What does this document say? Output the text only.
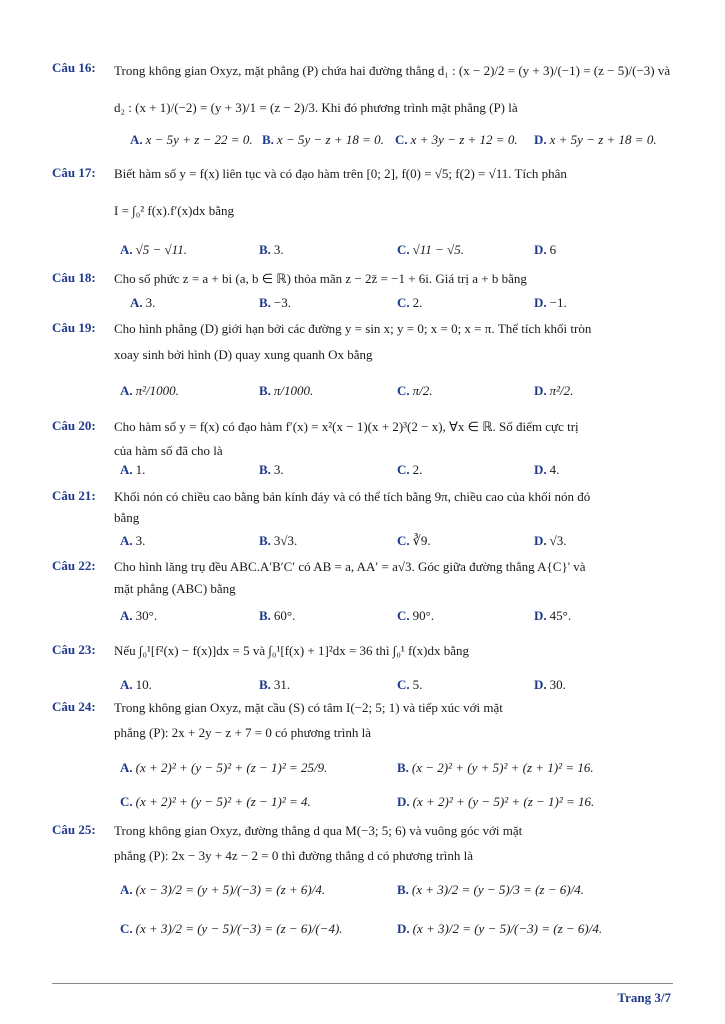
Câu 16: Trong không gian Oxyz, mặt phẳng (P) chứa hai đường thẳng d₁ : (x − 2)/2 = (y + 3)/(−1) = (z − 5)/(−3) và
d₂ : (x + 1)/(−2) = (y + 3)/1 = (z − 2)/3. Khi đó phương trình mặt phẳng (P) là
A. x − 5y + z − 22 = 0. B. x − 5y − z + 18 = 0. C. x + 3y − z + 12 = 0. D. x + 5y − z + 18 = 0.
Câu 17: Biết hàm số y = f(x) liên tục và có đạo hàm trên [0; 2], f(0) = √5; f(2) = √11. Tích phân
I = ∫₀² f(x).f′(x)dx bằng
A. √5 − √11.	B. 3.	C. √11 − √5.	D. 6
Câu 18: Cho số phức z = a + bi (a, b ∈ ℝ) thỏa mãn z − 2z̄ = −1 + 6i. Giá trị a + b bằng
A. 3.	B. −3.	C. 2.	D. −1.
Câu 19: Cho hình phẳng (D) giới hạn bởi các đường y = sin x; y = 0; x = 0; x = π. Thể tích khối tròn
xoay sinh bởi hình (D) quay xung quanh Ox bằng
A. π²/1000.	B. π/1000.	C. π/2.	D. π²/2.
Câu 20: Cho hàm số y = f(x) có đạo hàm f′(x) = x²(x − 1)(x + 2)³(2 − x), ∀x ∈ ℝ. Số điểm cực trị
của hàm số đã cho là
A. 1.	B. 3.	C. 2.	D. 4.
Câu 21: Khối nón có chiều cao bằng bán kính đáy và có thể tích bằng 9π, chiều cao của khối nón đó
bằng
A. 3.	B. 3√3.	C. ∛9.	D. √3.
Câu 22: Cho hình lăng trụ đều ABC.A′B′C′ có AB = a, AA′ = a√3. Góc giữa đường thẳng A{C}' và
mặt phẳng (ABC) bằng
A. 30°.	B. 60°.	C. 90°.	D. 45°.
Câu 23: Nếu ∫₀¹[f²(x) − f(x)]dx = 5 và ∫₀¹[f(x) + 1]²dx = 36 thì ∫₀¹ f(x)dx bằng
A. 10.	B. 31.	C. 5.	D. 30.
Câu 24: Trong không gian Oxyz, mặt cầu (S) có tâm I(−2; 5; 1) và tiếp xúc với mặt
phẳng (P): 2x + 2y − z + 7 = 0 có phương trình là
A. (x + 2)² + (y − 5)² + (z − 1)² = 25/9.	B. (x − 2)² + (y + 5)² + (z + 1)² = 16.
C. (x + 2)² + (y − 5)² + (z − 1)² = 4.	D. (x + 2)² + (y − 5)² + (z − 1)² = 16.
Câu 25: Trong không gian Oxyz, đường thẳng d qua M(−3; 5; 6) và vuông góc với mặt
phẳng (P): 2x − 3y + 4z − 2 = 0 thì đường thẳng d có phương trình là
A. (x − 3)/2 = (y + 5)/(−3) = (z + 6)/4.	B. (x + 3)/2 = (y − 5)/3 = (z − 6)/4.
C. (x + 3)/2 = (y − 5)/(−3) = (z − 6)/(−4).	D. (x + 3)/2 = (y − 5)/(−3) = (z − 6)/4.
Trang 3/7
